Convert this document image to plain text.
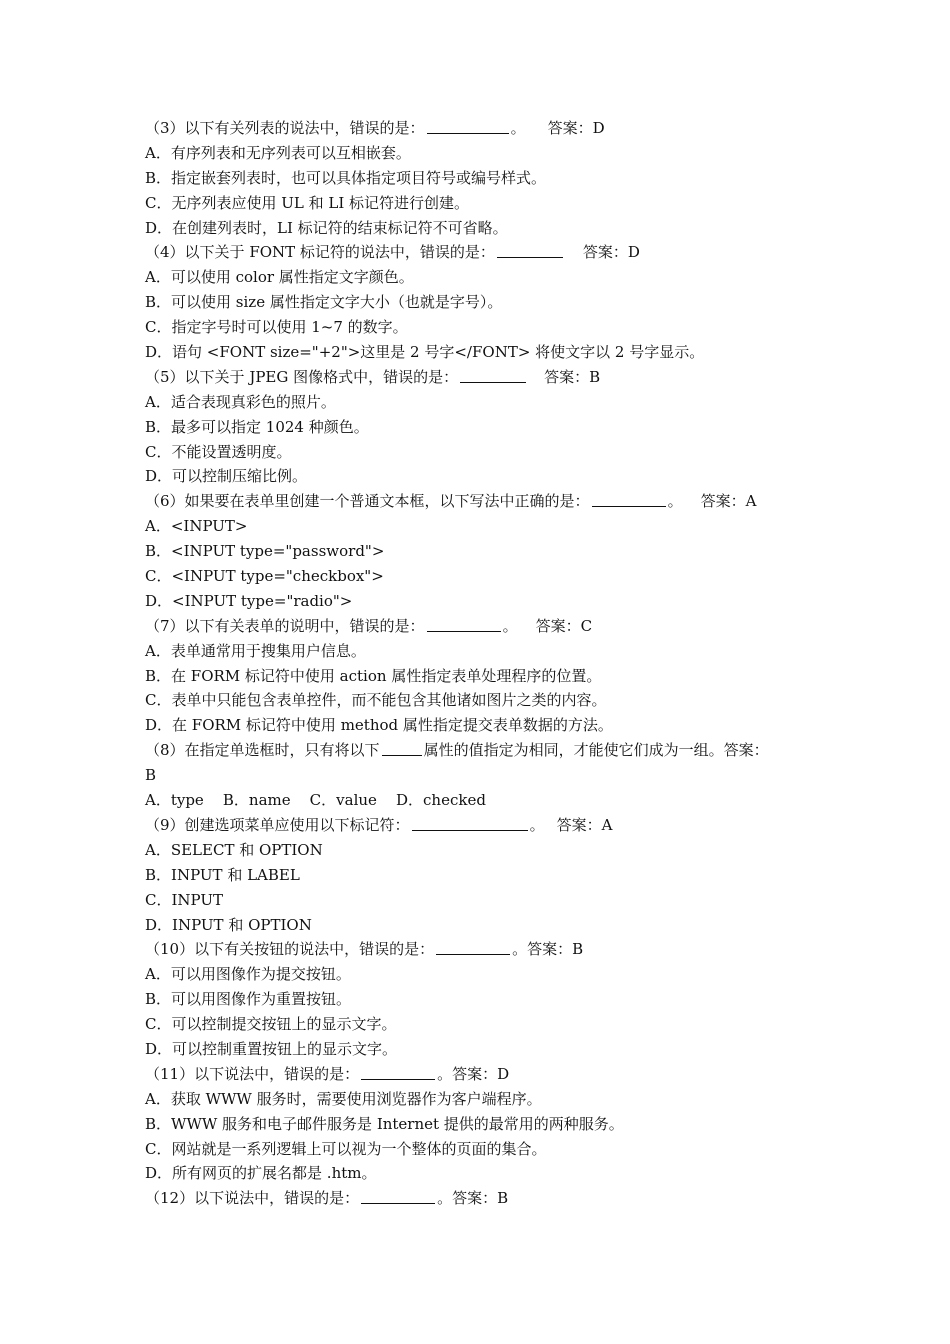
（3）以下有关列表的说法中，错误的是：	。 答案：D
A．有序列表和无序列表可以互相嵌套。
B．指定嵌套列表时，也可以具体指定项目符号或编号样式。
C．无序列表应使用 UL 和 LI 标记符进行创建。
D．在创建列表时，LI 标记符的结束标记符不可省略。
（4）以下关于 FONT 标记符的说法中，错误的是：	答案：D
A．可以使用 color 属性指定文字颜色。
B．可以使用 size 属性指定文字大小（也就是字号）。
C．指定字号时可以使用 1~7 的数字。
D．语句 <FONT size="+2">这里是 2 号字</FONT> 将使文字以 2 号字显示。
（5）以下关于 JPEG 图像格式中，错误的是：	答案：B
A．适合表现真彩色的照片。
B．最多可以指定 1024 种颜色。
C．不能设置透明度。
D．可以控制压缩比例。
（6）如果要在表单里创建一个普通文本框，以下写法中正确的是：	。 答案：A
A．<INPUT>
B．<INPUT type="password">
C．<INPUT type="checkbox">
D．<INPUT type="radio">
（7）以下有关表单的说明中，错误的是：	。 答案：C
A．表单通常用于搜集用户信息。
B．在 FORM 标记符中使用 action 属性指定表单处理程序的位置。
C．表单中只能包含表单控件，而不能包含其他诸如图片之类的内容。
D．在 FORM 标记符中使用 method 属性指定提交表单数据的方法。
（8）在指定单选框时，只有将以下	属性的值指定为相同，才能使它们成为一组。答案：
B
A．type    B．name    C．value    D．checked
（9）创建选项菜单应使用以下标记符：	。 答案：A
A．SELECT 和 OPTION
B．INPUT 和 LABEL
C．INPUT
D．INPUT 和 OPTION
（10）以下有关按钮的说法中，错误的是：	。答案：B
A．可以用图像作为提交按钮。
B．可以用图像作为重置按钮。
C．可以控制提交按钮上的显示文字。
D．可以控制重置按钮上的显示文字。
（11）以下说法中，错误的是：	。答案：D
A．获取 WWW 服务时，需要使用浏览器作为客户端程序。
B．WWW 服务和电子邮件服务是 Internet 提供的最常用的两种服务。
C．网站就是一系列逻辑上可以视为一个整体的页面的集合。
D．所有网页的扩展名都是 .htm。
（12）以下说法中，错误的是：	。答案：B
